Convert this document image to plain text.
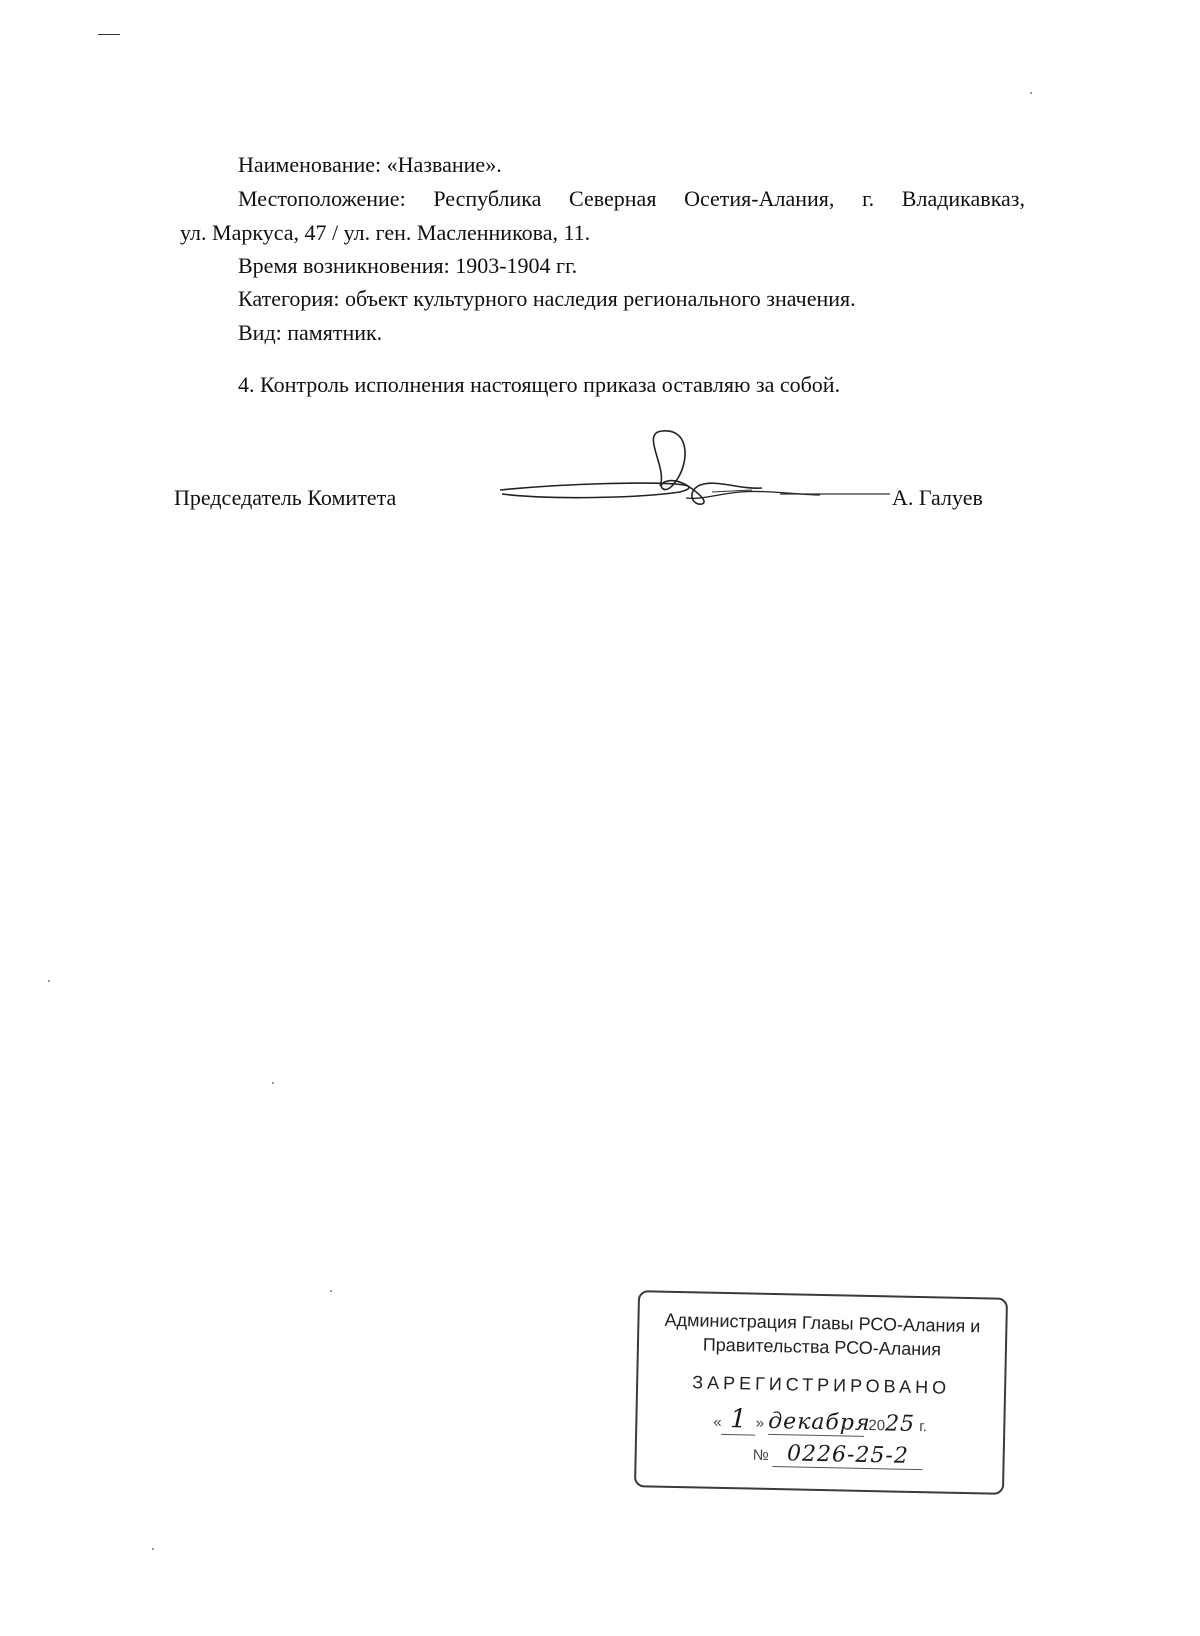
Наименование: «Название».
Местоположение: Республика Северная Осетия-Алания, г. Владикавказ,
ул. Маркуса, 47 / ул. ген. Масленникова, 11.
Время возникновения: 1903-1904 гг.
Категория: объект культурного наследия регионального значения.
Вид: памятник.
4. Контроль исполнения настоящего приказа оставляю за собой.
Председатель Комитета	А. Галуев
Администрация Главы РСО-Алания и
Правительства РСО-Алания
ЗАРЕГИСТРИРОВАНО
« 1 » декабря 2025 г.
№ 0226-25-2
